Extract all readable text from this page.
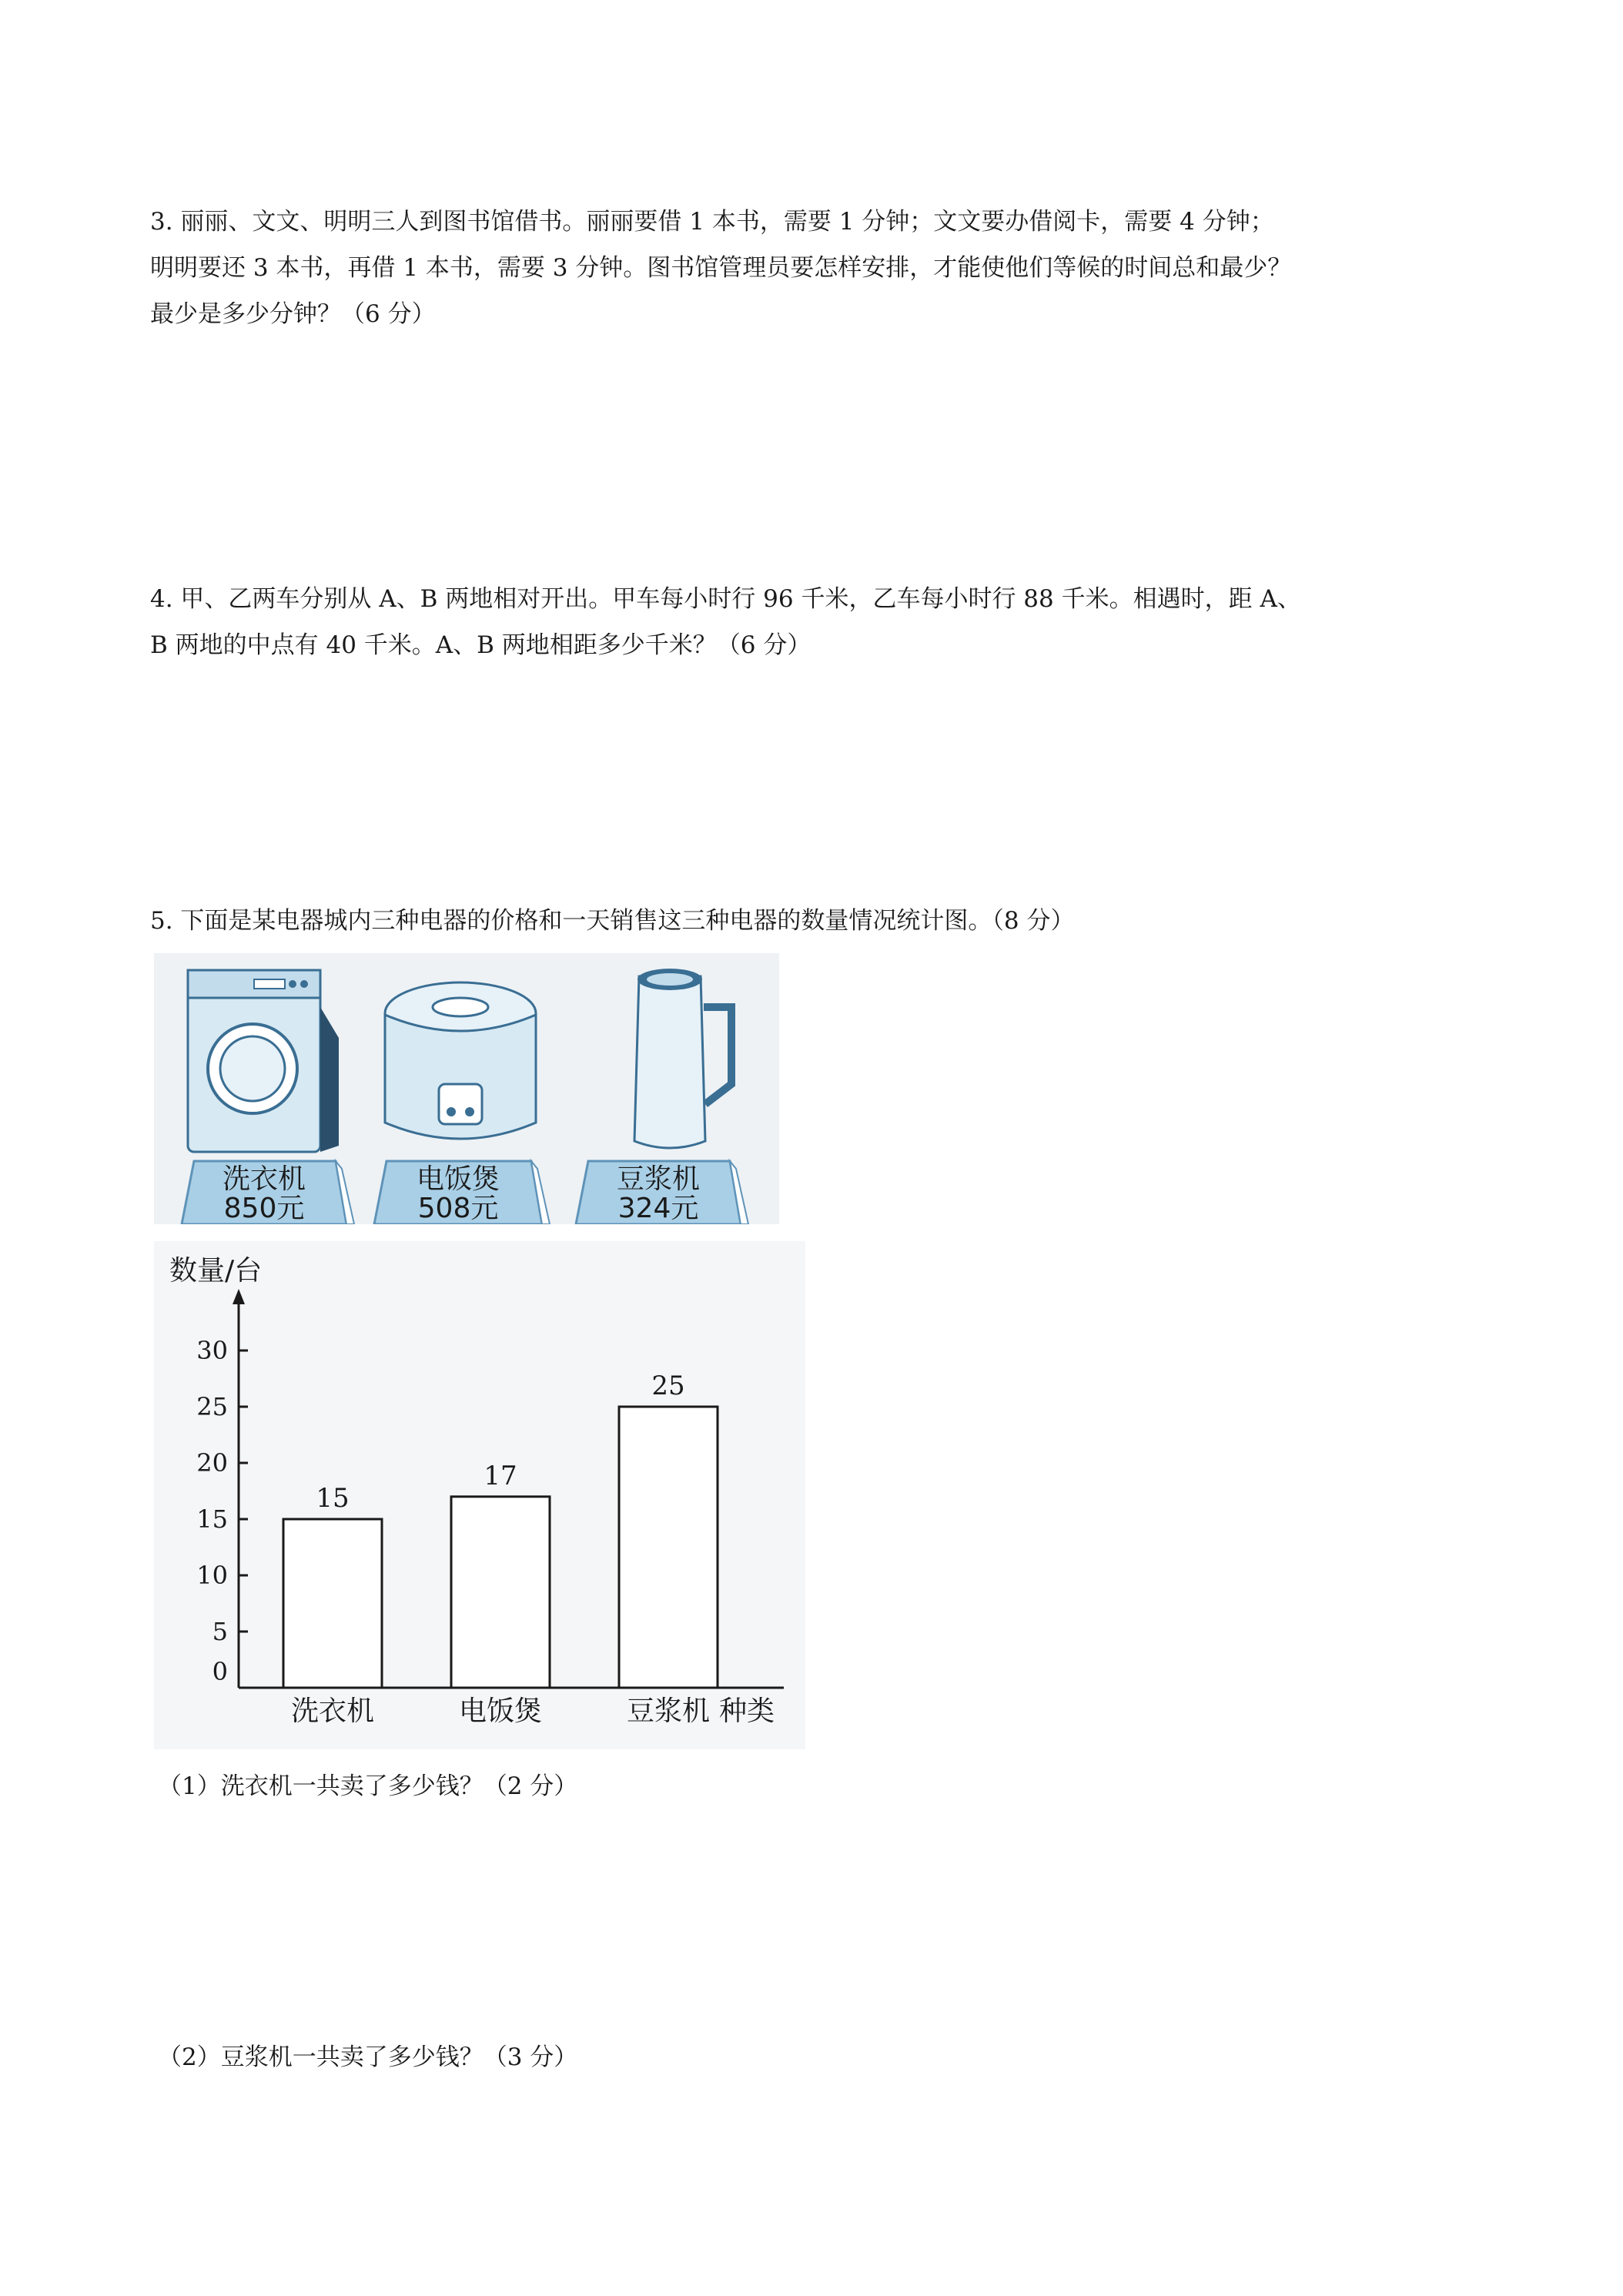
3. 丽丽、文文、明明三人到图书馆借书。丽丽要借 1 本书，需要 1 分钟；文文要办借阅卡，需要 4 分钟；
明明要还 3 本书，再借 1 本书，需要 3 分钟。图书馆管理员要怎样安排，才能使他们等候的时间总和最少？
最少是多少分钟？（6 分）
4. 甲、乙两车分别从 A、B 两地相对开出。甲车每小时行 96 千米，乙车每小时行 88 千米。相遇时，距 A、
B 两地的中点有 40 千米。A、B 两地相距多少千米？（6 分）
5. 下面是某电器城内三种电器的价格和一天销售这三种电器的数量情况统计图。（8 分）
洗衣机
850元
电饭煲
508元
豆浆机
324元
数量/台
种类
0
5
10
15
20
25
30
15
洗衣机
17
电饭煲
25
豆浆机
（1）洗衣机一共卖了多少钱？（2 分）
（2）豆浆机一共卖了多少钱？（3 分）
